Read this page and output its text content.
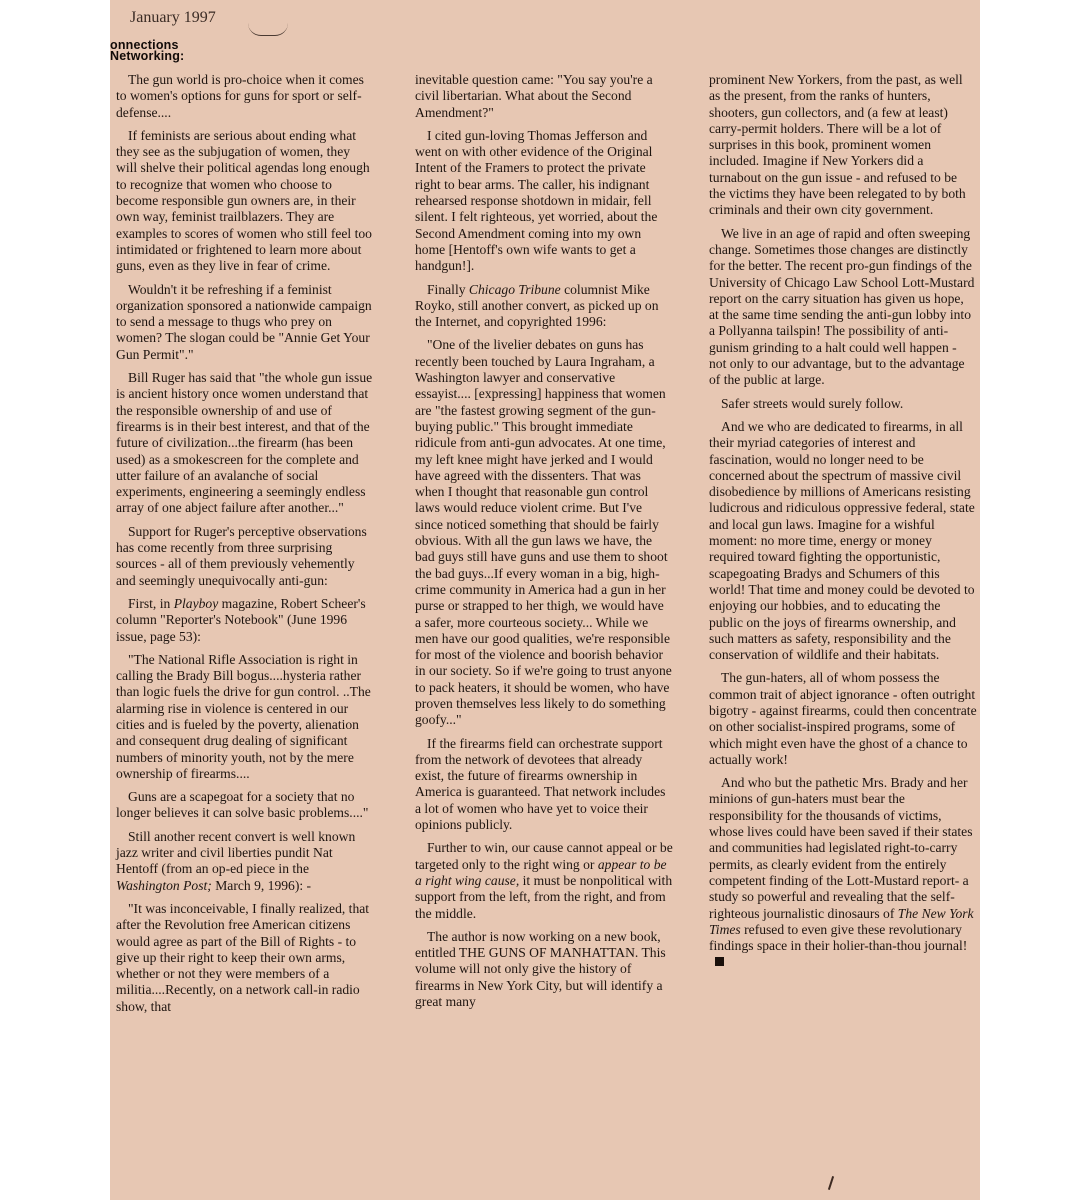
January 1997
onnections
Networking:

The gun world is pro-choice when it comes to women's options for guns for sport or self-defense....

If feminists are serious about ending what they see as the subjugation of women, they will shelve their political agendas long enough to recognize that women who choose to become responsible gun owners are, in their own way, feminist trailblazers. They are examples to scores of women who still feel too intimidated or frightened to learn more about guns, even as they live in fear of crime.

Wouldn't it be refreshing if a feminist organization sponsored a nationwide campaign to send a message to thugs who prey on women? The slogan could be "Annie Get Your Gun Permit"."

Bill Ruger has said that "the whole gun issue is ancient history once women understand that the responsible ownership of and use of firearms is in their best interest, and that of the future of civilization...the firearm (has been used) as a smokescreen for the complete and utter failure of an avalanche of social experiments, engineering a seemingly endless array of one abject failure after another..."

Support for Ruger's perceptive observations has come recently from three surprising sources - all of them previously vehemently and seemingly unequivocally anti-gun:

First, in Playboy magazine, Robert Scheer's column "Reporter's Notebook" (June 1996 issue, page 53):

"The National Rifle Association is right in calling the Brady Bill bogus....hysteria rather than logic fuels the drive for gun control. ..The alarming rise in violence is centered in our cities and is fueled by the poverty, alienation and consequent drug dealing of significant numbers of minority youth, not by the mere ownership of firearms....

Guns are a scapegoat for a society that no longer believes it can solve basic problems...."

Still another recent convert is well known jazz writer and civil liberties pundit Nat Hentoff (from an op-ed piece in the Washington Post; March 9, 1996): -

"It was inconceivable, I finally realized, that after the Revolution free American citizens would agree as part of the Bill of Rights - to give up their right to keep their own arms, whether or not they were members of a militia....Recently, on a network call-in radio show, that

inevitable question came: "You say you're a civil libertarian. What about the Second Amendment?"

I cited gun-loving Thomas Jefferson and went on with other evidence of the Original Intent of the Framers to protect the private right to bear arms. The caller, his indignant rehearsed response shotdown in midair, fell silent. I felt righteous, yet worried, about the Second Amendment coming into my own home [Hentoff's own wife wants to get a handgun!].

Finally Chicago Tribune columnist Mike Royko, still another convert, as picked up on the Internet, and copyrighted 1996:

"One of the livelier debates on guns has recently been touched by Laura Ingraham, a Washington lawyer and conservative essayist.... [expressing] happiness that women are "the fastest growing segment of the gun-buying public." This brought immediate ridicule from anti-gun advocates. At one time, my left knee might have jerked and I would have agreed with the dissenters. That was when I thought that reasonable gun control laws would reduce violent crime. But I've since noticed something that should be fairly obvious. With all the gun laws we have, the bad guys still have guns and use them to shoot the bad guys...If every woman in a big, high-crime community in America had a gun in her purse or strapped to her thigh, we would have a safer, more courteous society... While we men have our good qualities, we're responsible for most of the violence and boorish behavior in our society. So if we're going to trust anyone to pack heaters, it should be women, who have proven themselves less likely to do something goofy..."

If the firearms field can orchestrate support from the network of devotees that already exist, the future of firearms ownership in America is guaranteed. That network includes a lot of women who have yet to voice their opinions publicly.

Further to win, our cause cannot appeal or be targeted only to the right wing or appear to be a right wing cause, it must be nonpolitical with support from the left, from the right, and from the middle.

The author is now working on a new book, entitled THE GUNS OF MANHATTAN. This volume will not only give the history of firearms in New York City, but will identify a great many

prominent New Yorkers, from the past, as well as the present, from the ranks of hunters, shooters, gun collectors, and (a few at least) carry-permit holders. There will be a lot of surprises in this book, prominent women included. Imagine if New Yorkers did a turnabout on the gun issue - and refused to be the victims they have been relegated to by both criminals and their own city government.

We live in an age of rapid and often sweeping change. Sometimes those changes are distinctly for the better. The recent pro-gun findings of the University of Chicago Law School Lott-Mustard report on the carry situation has given us hope, at the same time sending the anti-gun lobby into a Pollyanna tailspin! The possibility of anti-gunism grinding to a halt could well happen - not only to our advantage, but to the advantage of the public at large.

Safer streets would surely follow.

And we who are dedicated to firearms, in all their myriad categories of interest and fascination, would no longer need to be concerned about the spectrum of massive civil disobedience by millions of Americans resisting ludicrous and ridiculous oppressive federal, state and local gun laws. Imagine for a wishful moment: no more time, energy or money required toward fighting the opportunistic, scapegoating Bradys and Schumers of this world! That time and money could be devoted to enjoying our hobbies, and to educating the public on the joys of firearms ownership, and such matters as safety, responsibility and the conservation of wildlife and their habitats.

The gun-haters, all of whom possess the common trait of abject ignorance - often outright bigotry - against firearms, could then concentrate on other socialist-inspired programs, some of which might even have the ghost of a chance to actually work!

And who but the pathetic Mrs. Brady and her minions of gun-haters must bear the responsibility for the thousands of victims, whose lives could have been saved if their states and communities had legislated right-to-carry permits, as clearly evident from the entirely competent finding of the Lott-Mustard report- a study so powerful and revealing that the self-righteous journalistic dinosaurs of The New York Times refused to even give these revolutionary findings space in their holier-than-thou journal!
